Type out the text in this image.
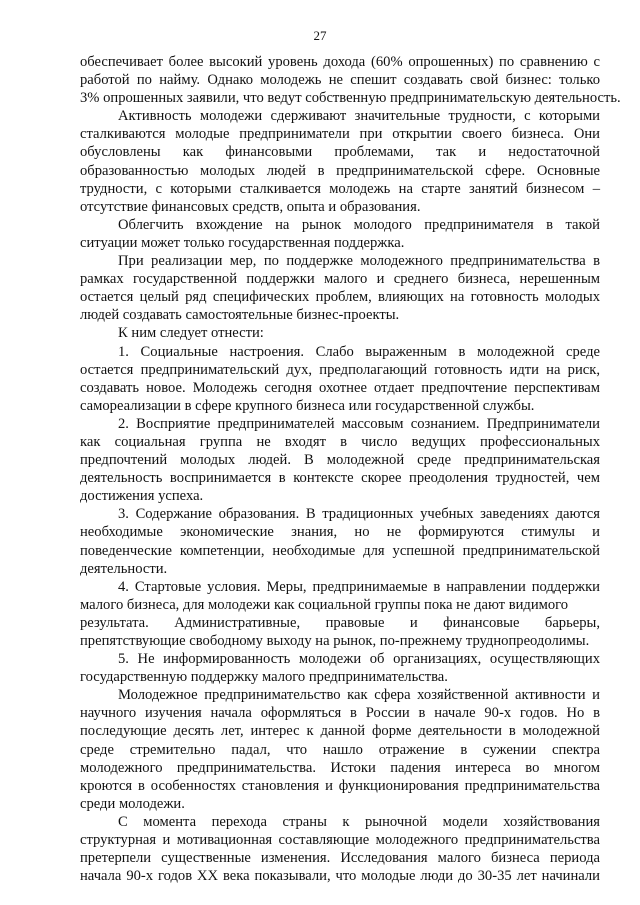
27
обеспечивает более высокий уровень дохода (60% опрошенных) по сравнению с
работой по найму. Однако молодежь не спешит создавать свой бизнес: только
3% опрошенных заявили, что ведут собственную предпринимательскую деятельность.
Активность молодежи сдерживают значительные трудности, с которыми
сталкиваются молодые предприниматели при открытии своего бизнеса. Они
обусловлены как финансовыми проблемами, так и недостаточной
образованностью молодых людей в предпринимательской сфере. Основные
трудности, с которыми сталкивается молодежь на старте занятий бизнесом –
отсутствие финансовых средств, опыта и образования.
Облегчить вхождение на рынок молодого предпринимателя в такой
ситуации может только государственная поддержка.
При реализации мер, по поддержке молодежного предпринимательства в
рамках государственной поддержки малого и среднего бизнеса, нерешенным
остается целый ряд специфических проблем, влияющих на готовность молодых
людей создавать самостоятельные бизнес-проекты.
К ним следует отнести:
1. Социальные настроения. Слабо выраженным в молодежной среде
остается предпринимательский дух, предполагающий готовность идти на риск,
создавать новое. Молодежь сегодня охотнее отдает предпочтение перспективам
самореализации в сфере крупного бизнеса или государственной службы.
2. Восприятие предпринимателей массовым сознанием. Предприниматели
как социальная группа не входят в число ведущих профессиональных
предпочтений молодых людей. В молодежной среде предпринимательская
деятельность воспринимается в контексте скорее преодоления трудностей, чем
достижения успеха.
3. Содержание образования. В традиционных учебных заведениях даются
необходимые экономические знания, но не формируются стимулы и
поведенческие компетенции, необходимые для успешной предпринимательской
деятельности.
4. Стартовые условия. Меры, предпринимаемые в направлении поддержки
малого бизнеса, для молодежи как социальной группы пока не дают видимого
результата. Административные, правовые и финансовые барьеры,
препятствующие свободному выходу на рынок, по-прежнему труднопреодолимы.
5. Не информированность молодежи об организациях, осуществляющих
государственную поддержку малого предпринимательства.
Молодежное предпринимательство как сфера хозяйственной активности и
научного изучения начала оформляться в России в начале 90-х годов. Но в
последующие десять лет, интерес к данной форме деятельности в молодежной
среде стремительно падал, что нашло отражение в сужении спектра
молодежного предпринимательства. Истоки падения интереса во многом
кроются в особенностях становления и функционирования предпринимательства
среди молодежи.
С момента перехода страны к рыночной модели хозяйствования
структурная и мотивационная составляющие молодежного предпринимательства
претерпели существенные изменения. Исследования малого бизнеса периода
начала 90-х годов XX века показывали, что молодые люди до 30-35 лет начинали
